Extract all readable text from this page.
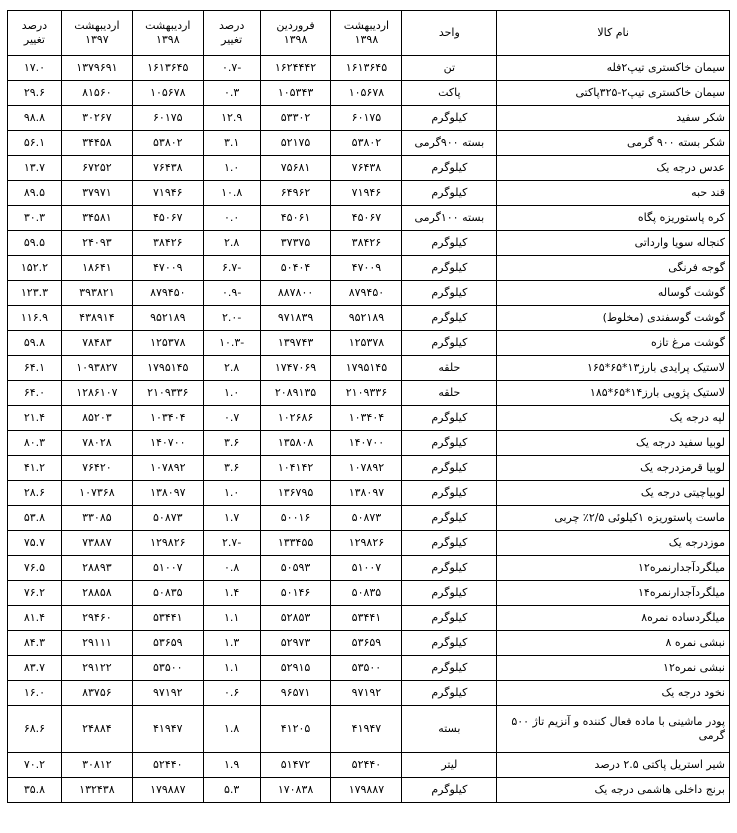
نام کالا	واحد	اردیبهشت ۱۳۹۸	فروردین ۱۳۹۸	درصد تغییر	اردیبهشت ۱۳۹۸	اردیبهشت ۱۳۹۷	درصد تغییر
سیمان خاکستری تیپ۲فله	تن	۱۶۱۳۶۴۵	۱۶۲۴۴۴۲	-۰.۷	۱۶۱۳۶۴۵	۱۳۷۹۶۹۱	۱۷.۰
سیمان خاکستری تیپ۲-۳۲۵پاکتی	پاکت	۱۰۵۶۷۸	۱۰۵۳۴۳	۰.۳	۱۰۵۶۷۸	۸۱۵۶۰	۲۹.۶
شکر سفید	کیلوگرم	۶۰۱۷۵	۵۳۳۰۲	۱۲.۹	۶۰۱۷۵	۳۰۲۶۷	۹۸.۸
شکر بسته ۹۰۰ گرمی	بسته ۹۰۰گرمی	۵۳۸۰۲	۵۲۱۷۵	۳.۱	۵۳۸۰۲	۳۴۴۵۸	۵۶.۱
عدس درجه یک	کیلوگرم	۷۶۴۳۸	۷۵۶۸۱	۱.۰	۷۶۴۳۸	۶۷۲۵۲	۱۳.۷
قند حبه	کیلوگرم	۷۱۹۴۶	۶۴۹۶۲	۱۰.۸	۷۱۹۴۶	۳۷۹۷۱	۸۹.۵
کره پاستوریزه پگاه	بسته ۱۰۰گرمی	۴۵۰۶۷	۴۵۰۶۱	۰.۰	۴۵۰۶۷	۳۴۵۸۱	۳۰.۳
کنجاله سویا وارداتی	کیلوگرم	۳۸۴۲۶	۳۷۳۷۵	۲.۸	۳۸۴۲۶	۲۴۰۹۳	۵۹.۵
گوجه فرنگی	کیلوگرم	۴۷۰۰۹	۵۰۴۰۴	-۶.۷	۴۷۰۰۹	۱۸۶۴۱	۱۵۲.۲
گوشت گوساله	کیلوگرم	۸۷۹۴۵۰	۸۸۷۸۰۰	-۰.۹	۸۷۹۴۵۰	۳۹۳۸۲۱	۱۲۳.۳
گوشت گوسفندی (مخلوط)	کیلوگرم	۹۵۲۱۸۹	۹۷۱۸۳۹	-۲.۰	۹۵۲۱۸۹	۴۳۸۹۱۴	۱۱۶.۹
گوشت مرغ تازه	کیلوگرم	۱۲۵۳۷۸	۱۳۹۷۴۳	-۱۰.۳	۱۲۵۳۷۸	۷۸۴۸۳	۵۹.۸
لاستیک پرایدی بارز۱۳*۶۵*۱۶۵	حلقه	۱۷۹۵۱۴۵	۱۷۴۷۰۶۹	۲.۸	۱۷۹۵۱۴۵	۱۰۹۳۸۲۷	۶۴.۱
لاستیک پژویی بارز۱۴*۶۵*۱۸۵	حلقه	۲۱۰۹۳۳۶	۲۰۸۹۱۳۵	۱.۰	۲۱۰۹۳۳۶	۱۲۸۶۱۰۷	۶۴.۰
لپه درجه یک	کیلوگرم	۱۰۳۴۰۴	۱۰۲۶۸۶	۰.۷	۱۰۳۴۰۴	۸۵۲۰۳	۲۱.۴
لوبیا سفید درجه یک	کیلوگرم	۱۴۰۷۰۰	۱۳۵۸۰۸	۳.۶	۱۴۰۷۰۰	۷۸۰۲۸	۸۰.۳
لوبیا قرمزدرجه یک	کیلوگرم	۱۰۷۸۹۲	۱۰۴۱۴۲	۳.۶	۱۰۷۸۹۲	۷۶۴۲۰	۴۱.۲
لوبیاچیتی درجه یک	کیلوگرم	۱۳۸۰۹۷	۱۳۶۷۹۵	۱.۰	۱۳۸۰۹۷	۱۰۷۳۶۸	۲۸.۶
ماست پاستوریزه ۱کیلوئی ۲/۵٪ چربی	کیلوگرم	۵۰۸۷۳	۵۰۰۱۶	۱.۷	۵۰۸۷۳	۳۳۰۸۵	۵۳.۸
موزدرجه یک	کیلوگرم	۱۲۹۸۲۶	۱۳۳۴۵۵	-۲.۷	۱۲۹۸۲۶	۷۳۸۸۷	۷۵.۷
میلگردآجدارنمره۱۲	کیلوگرم	۵۱۰۰۷	۵۰۵۹۳	۰.۸	۵۱۰۰۷	۲۸۸۹۳	۷۶.۵
میلگردآجدارنمره۱۴	کیلوگرم	۵۰۸۳۵	۵۰۱۴۶	۱.۴	۵۰۸۳۵	۲۸۸۵۸	۷۶.۲
میلگردساده نمره۸	کیلوگرم	۵۳۴۴۱	۵۲۸۵۳	۱.۱	۵۳۴۴۱	۲۹۴۶۰	۸۱.۴
نبشی نمره ۸	کیلوگرم	۵۳۶۵۹	۵۲۹۷۳	۱.۳	۵۳۶۵۹	۲۹۱۱۱	۸۴.۳
نبشی نمره۱۲	کیلوگرم	۵۳۵۰۰	۵۲۹۱۵	۱.۱	۵۳۵۰۰	۲۹۱۲۲	۸۳.۷
نخود درجه یک	کیلوگرم	۹۷۱۹۲	۹۶۵۷۱	۰.۶	۹۷۱۹۲	۸۳۷۵۶	۱۶.۰
پودر ماشینی با ماده فعال کننده و آنزیم تاژ ۵۰۰ گرمی	بسته	۴۱۹۴۷	۴۱۲۰۵	۱.۸	۴۱۹۴۷	۲۴۸۸۴	۶۸.۶
شیر استریل پاکتی ۲.۵ درصد	لیتر	۵۲۴۴۰	۵۱۴۷۲	۱.۹	۵۲۴۴۰	۳۰۸۱۲	۷۰.۲
برنج داخلی هاشمی درجه یک	کیلوگرم	۱۷۹۸۸۷	۱۷۰۸۳۸	۵.۳	۱۷۹۸۸۷	۱۳۲۴۳۸	۳۵.۸
